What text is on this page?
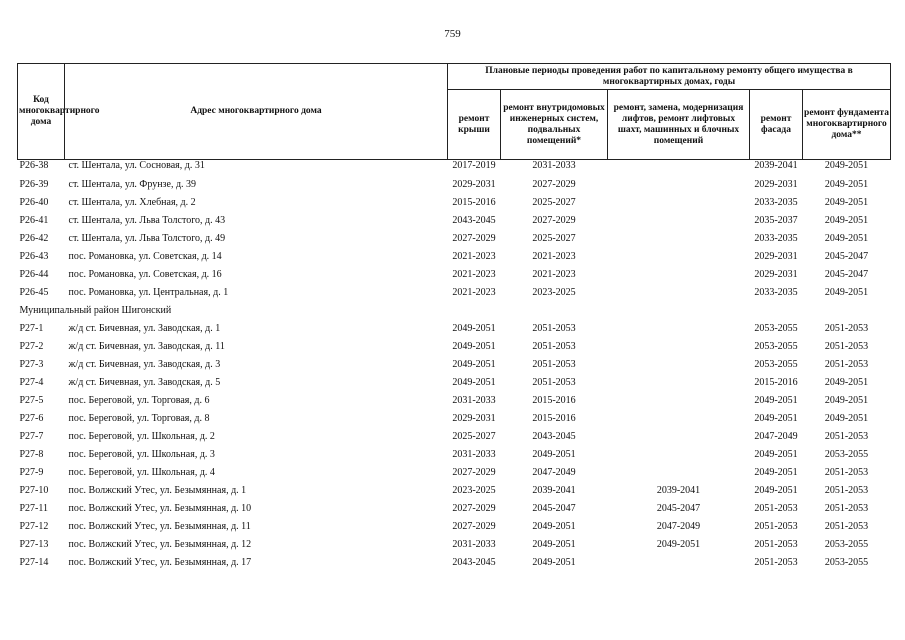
759
Код многоквартирного дома	Адрес многоквартирного дома	Плановые периоды проведения работ по капитальному ремонту общего имущества в многоквартирных домах, годы				
		ремонт крыши	ремонт внутридомовых инженерных систем, подвальных помещений*	ремонт, замена, модернизация лифтов, ремонт лифтовых шахт, машинных и блочных помещений	ремонт фасада	ремонт фундамента многоквартирного дома**
Р26-38	ст. Шентала, ул. Сосновая, д. 31	2017-2019	2031-2033		2039-2041	2049-2051
Р26-39	ст. Шентала, ул. Фрунзе, д. 39	2029-2031	2027-2029		2029-2031	2049-2051
Р26-40	ст. Шентала, ул. Хлебная, д. 2	2015-2016	2025-2027		2033-2035	2049-2051
Р26-41	ст. Шентала, ул. Льва Толстого, д. 43	2043-2045	2027-2029		2035-2037	2049-2051
Р26-42	ст. Шентала, ул. Льва Толстого, д. 49	2027-2029	2025-2027		2033-2035	2049-2051
Р26-43	пос. Романовка, ул. Советская, д. 14	2021-2023	2021-2023		2029-2031	2045-2047
Р26-44	пос. Романовка, ул. Советская, д. 16	2021-2023	2021-2023		2029-2031	2045-2047
Р26-45	пос. Романовка, ул. Центральная, д. 1	2021-2023	2023-2025		2033-2035	2049-2051
Муниципальный район Шигонский						
Р27-1	ж/д ст. Бичевная, ул. Заводская, д. 1	2049-2051	2051-2053		2053-2055	2051-2053
Р27-2	ж/д ст. Бичевная, ул. Заводская, д. 11	2049-2051	2051-2053		2053-2055	2051-2053
Р27-3	ж/д ст. Бичевная, ул. Заводская, д. 3	2049-2051	2051-2053		2053-2055	2051-2053
Р27-4	ж/д ст. Бичевная, ул. Заводская, д. 5	2049-2051	2051-2053		2015-2016	2049-2051
Р27-5	пос. Береговой, ул. Торговая, д. 6	2031-2033	2015-2016		2049-2051	2049-2051
Р27-6	пос. Береговой, ул. Торговая, д. 8	2029-2031	2015-2016		2049-2051	2049-2051
Р27-7	пос. Береговой, ул. Школьная, д. 2	2025-2027	2043-2045		2047-2049	2051-2053
Р27-8	пос. Береговой, ул. Школьная, д. 3	2031-2033	2049-2051		2049-2051	2053-2055
Р27-9	пос. Береговой, ул. Школьная, д. 4	2027-2029	2047-2049		2049-2051	2051-2053
Р27-10	пос. Волжский Утес, ул. Безымянная, д. 1	2023-2025	2039-2041	2039-2041	2049-2051	2051-2053
Р27-11	пос. Волжский Утес, ул. Безымянная, д. 10	2027-2029	2045-2047	2045-2047	2051-2053	2051-2053
Р27-12	пос. Волжский Утес, ул. Безымянная, д. 11	2027-2029	2049-2051	2047-2049	2051-2053	2051-2053
Р27-13	пос. Волжский Утес, ул. Безымянная, д. 12	2031-2033	2049-2051	2049-2051	2051-2053	2053-2055
Р27-14	пос. Волжский Утес, ул. Безымянная, д. 17	2043-2045	2049-2051		2051-2053	2053-2055
